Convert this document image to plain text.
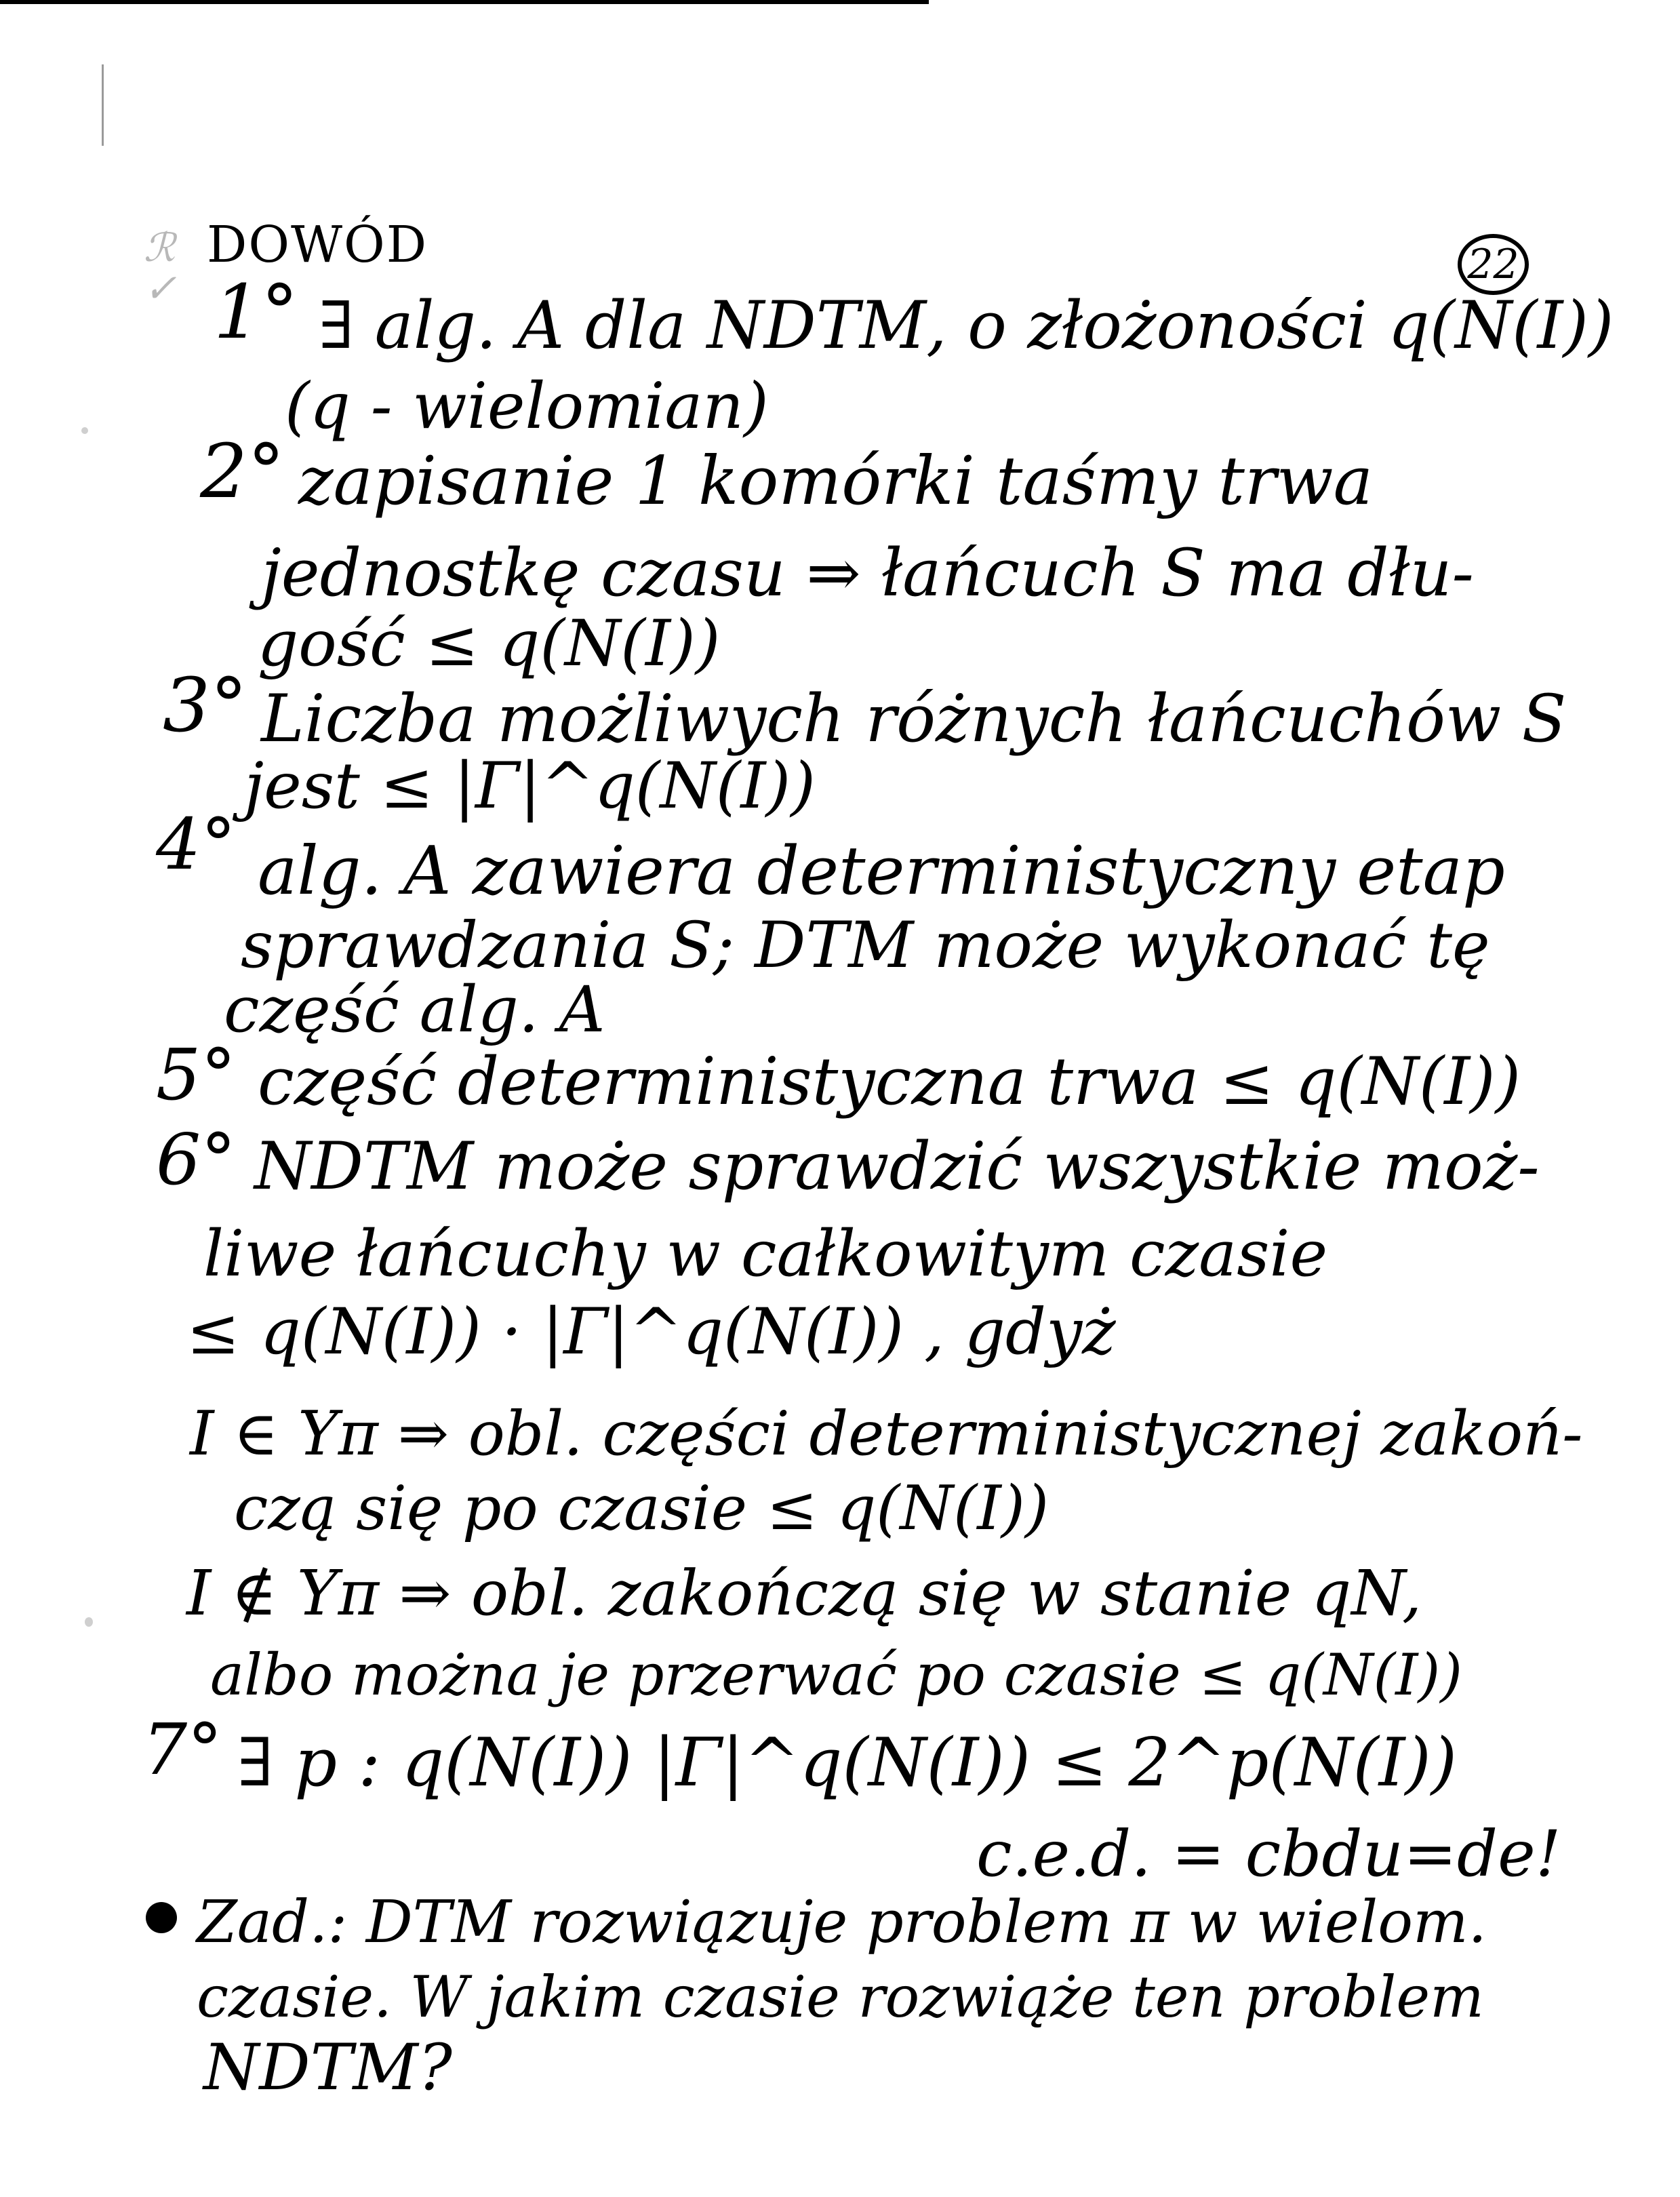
ℛ
✓
DOWÓD	22
1° ∃ alg. A dla NDTM, o złożoności q(N(I))
(q - wielomian)
2° zapisanie 1 komórki taśmy trwa
jednostkę czasu ⇒ łańcuch S ma dłu-
gość ≤ q(N(I))
3° Liczba możliwych różnych łańcuchów S
jest ≤ |Γ|^q(N(I))
4° alg. A zawiera deterministyczny etap
sprawdzania S; DTM może wykonać tę
część alg. A
5° część deterministyczna trwa ≤ q(N(I))
6° NDTM może sprawdzić wszystkie moż-
liwe łańcuchy w całkowitym czasie
≤ q(N(I)) · |Γ|^q(N(I)) , gdyż
I ∈ Yπ ⇒ obl. części deterministycznej zakoń-
czą się po czasie ≤ q(N(I))
I ∉ Yπ ⇒ obl. zakończą się w stanie qN,
albo można je przerwać po czasie ≤ q(N(I))
7° ∃ p : q(N(I)) |Γ|^q(N(I)) ≤ 2^p(N(I))
c.e.d. = cbdu=de!
Zad.: DTM rozwiązuje problem π w wielom.
czasie. W jakim czasie rozwiąże ten problem
NDTM?
